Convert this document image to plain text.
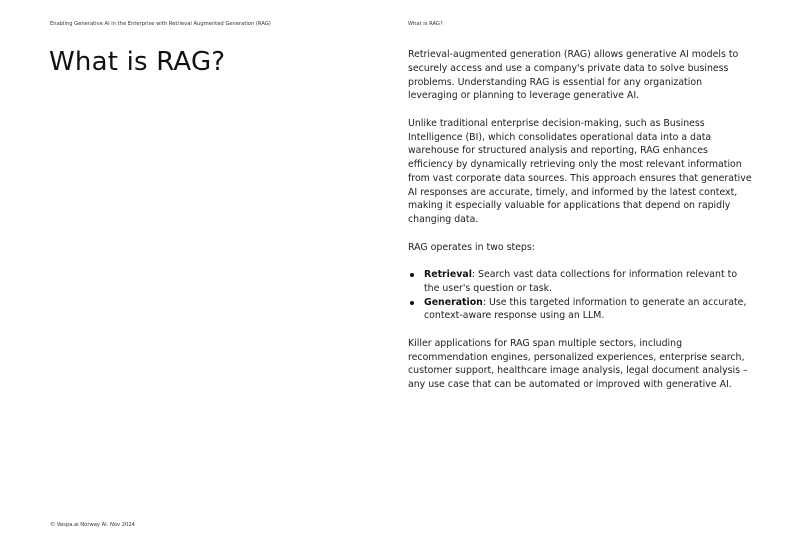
Enabling Generative AI in the Enterprise with Retrieval Augmented Generation (RAG)	What is RAG?
What is RAG?	Retrieval-augmented generation (RAG) allows generative AI models to securely access and use a company's private data to solve business problems. Understanding RAG is essential for any organization leveraging or planning to leverage generative AI.

Unlike traditional enterprise decision-making, such as Business Intelligence (BI), which consolidates operational data into a data warehouse for structured analysis and reporting, RAG enhances efficiency by dynamically retrieving only the most relevant information from vast corporate data sources. This approach ensures that generative AI responses are accurate, timely, and informed by the latest context, making it especially valuable for applications that depend on rapidly changing data.

RAG operates in two steps:

Retrieval: Search vast data collections for information relevant to the user's question or task.
Generation: Use this targeted information to generate an accurate, context-aware response using an LLM.

Killer applications for RAG span multiple sectors, including recommendation engines, personalized experiences, enterprise search, customer support, healthcare image analysis, legal document analysis – any use case that can be automated or improved with generative AI.

© Vespa.ai Norway AI. Nov 2024
